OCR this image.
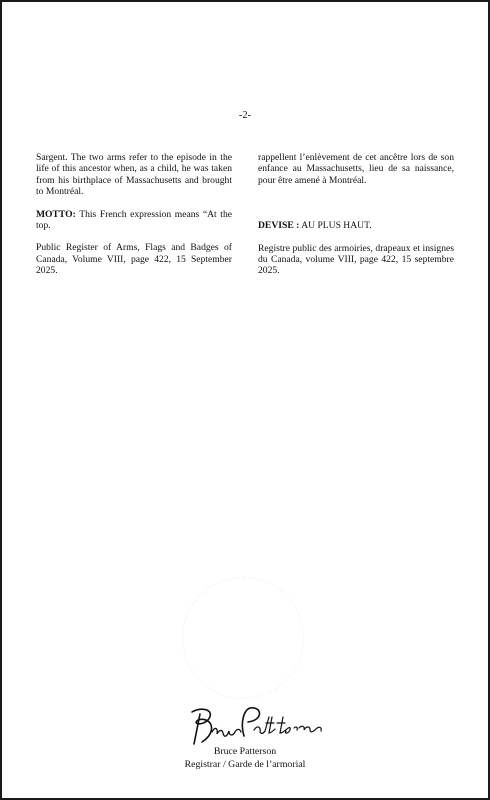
-2-

Sargent. The two arms refer to the episode in the life of this ancestor when, as a child, he was taken from his birthplace of Massachusetts and brought to Montréal.

MOTTO: This French expression means “At the top.

Public Register of Arms, Flags and Badges of Canada, Volume VIII, page 422, 15 September 2025.

rappellent l’enlèvement de cet ancêtre lors de son enfance au Massachusetts, lieu de sa naissance, pour être amené à Montréal.

DEVISE : AU PLUS HAUT.

Registre public des armoiries, drapeaux et insignes du Canada, volume VIII, page 422, 15 septembre 2025.

Bruce Patterson
Registrar / Garde de l’armorial
